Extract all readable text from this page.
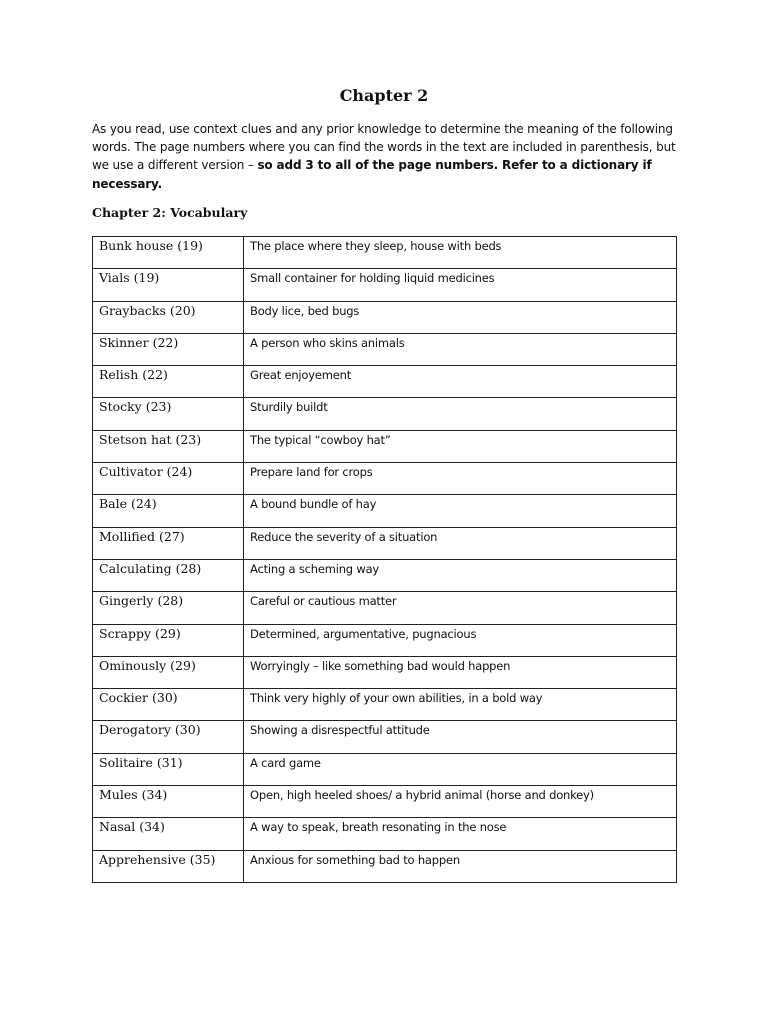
Chapter 2

As you read, use context clues and any prior knowledge to determine the meaning of the following words. The page numbers where you can find the words in the text are included in parenthesis, but we use a different version – so add 3 to all of the page numbers. Refer to a dictionary if necessary.

Chapter 2: Vocabulary
Bunk house (19)	The place where they sleep, house with beds
Vials (19)	Small container for holding liquid medicines
Graybacks (20)	Body lice, bed bugs
Skinner (22)	A person who skins animals
Relish (22)	Great enjoyement
Stocky (23)	Sturdily buildt
Stetson hat (23)	The typical “cowboy hat”
Cultivator (24)	Prepare land for crops
Bale (24)	A bound bundle of hay
Mollified (27)	Reduce the severity of a situation
Calculating (28)	Acting a scheming way
Gingerly (28)	Careful or cautious matter
Scrappy (29)	Determined, argumentative, pugnacious
Ominously (29)	Worryingly – like something bad would happen
Cockier (30)	Think very highly of your own abilities, in a bold way
Derogatory (30)	Showing a disrespectful attitude
Solitaire (31)	A card game
Mules (34)	Open, high heeled shoes/ a hybrid animal (horse and donkey)
Nasal (34)	A way to speak, breath resonating in the nose
Apprehensive (35)	Anxious for something bad to happen
